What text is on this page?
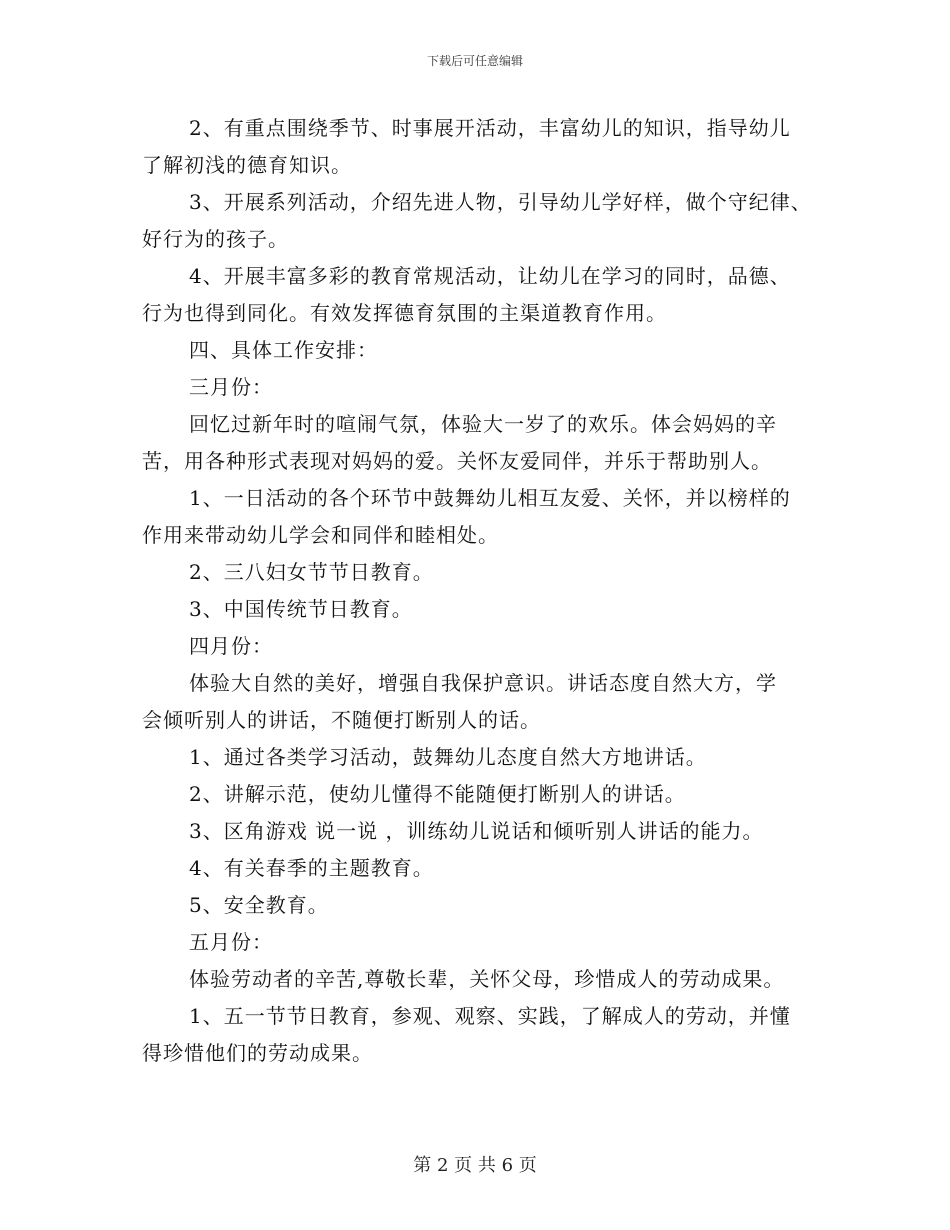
下载后可任意编辑

2、有重点围绕季节、时事展开活动，丰富幼儿的知识，指导幼儿

了解初浅的德育知识。

3、开展系列活动，介绍先进人物，引导幼儿学好样，做个守纪律、

好行为的孩子。

4、开展丰富多彩的教育常规活动，让幼儿在学习的同时，品德、

行为也得到同化。有效发挥德育氛围的主渠道教育作用。

四、具体工作安排：

三月份：

回忆过新年时的喧闹气氛，体验大一岁了的欢乐。体会妈妈的辛

苦，用各种形式表现对妈妈的爱。关怀友爱同伴，并乐于帮助别人。

1、一日活动的各个环节中鼓舞幼儿相互友爱、关怀，并以榜样的

作用来带动幼儿学会和同伴和睦相处。

2、三八妇女节节日教育。

3、中国传统节日教育。

四月份：

体验大自然的美好，增强自我保护意识。讲话态度自然大方，学

会倾听别人的讲话，不随便打断别人的话。

1、通过各类学习活动，鼓舞幼儿态度自然大方地讲话。

2、讲解示范，使幼儿懂得不能随便打断别人的讲话。

3、区角游戏 说一说 ，训练幼儿说话和倾听别人讲话的能力。

4、有关春季的主题教育。

5、安全教育。

五月份：

体验劳动者的辛苦,尊敬长辈，关怀父母，珍惜成人的劳动成果。

1、五一节节日教育，参观、观察、实践，了解成人的劳动，并懂

得珍惜他们的劳动成果。

第 2 页 共 6 页
